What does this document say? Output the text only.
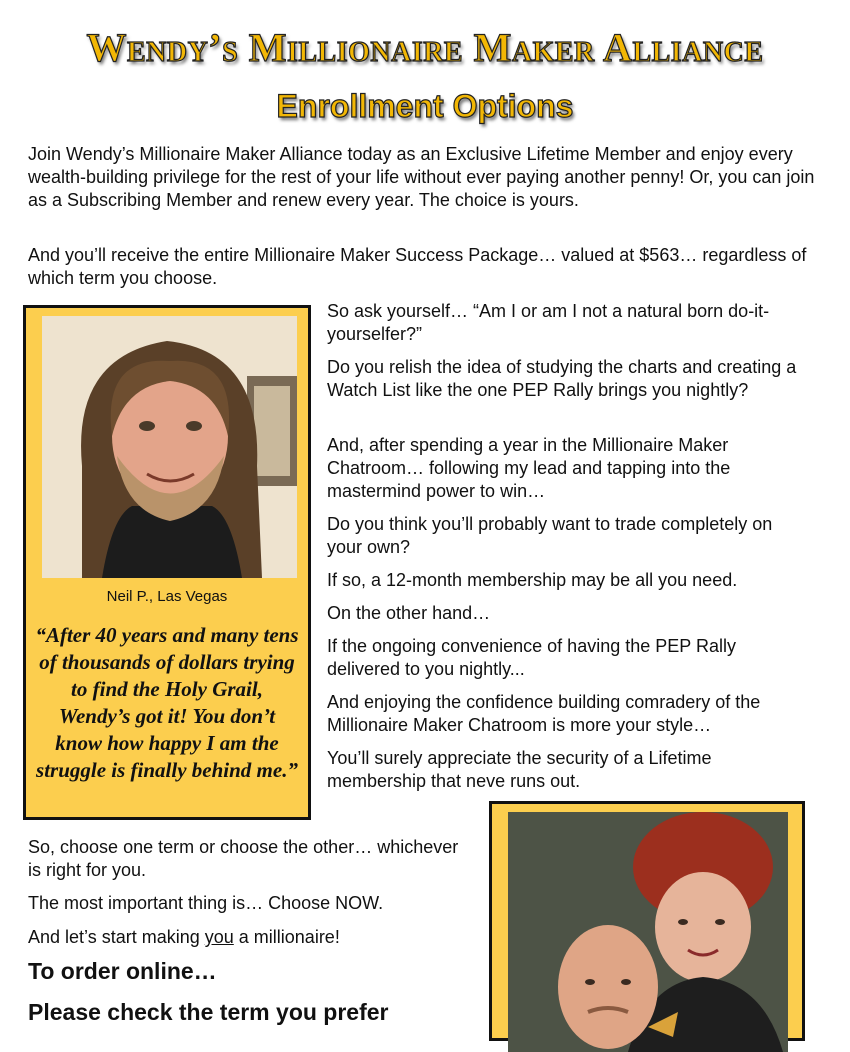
Wendy’s Millionaire Maker Alliance
Enrollment Options

Join Wendy’s Millionaire Maker Alliance today as an Exclusive Lifetime Member and enjoy every wealth-building privilege for the rest of your life without ever paying another penny! Or, you can join as a Subscribing Member and renew every year. The choice is yours.

And you’ll receive the entire Millionaire Maker Success Package… valued at $563… regardless of which term you choose.

Neil P., Las Vegas
“After 40 years and many tens of thousands of dollars trying to find the Holy Grail, Wendy’s got it! You don’t know how happy I am the struggle is finally behind me.”

So ask yourself… “Am I or am I not a natural born do-it-yourselfer?”

Do you relish the idea of studying the charts and creating a Watch List like the one PEP Rally brings you nightly?

And, after spending a year in the Millionaire Maker Chatroom… following my lead and tapping into the mastermind power to win…

Do you think you’ll probably want to trade completely on your own?

If so, a 12-month membership may be all you need.

On the other hand…

If the ongoing convenience of having the PEP Rally delivered to you nightly...

And enjoying the confidence building comradery of the Millionaire Maker Chatroom is more your style…

You’ll surely appreciate the security of a Lifetime membership that neve runs out.

So, choose one term or choose the other… whichever is right for you.

The most important thing is… Choose NOW.

And let’s start making you a millionaire!

To order online…

Please check the term you prefer
